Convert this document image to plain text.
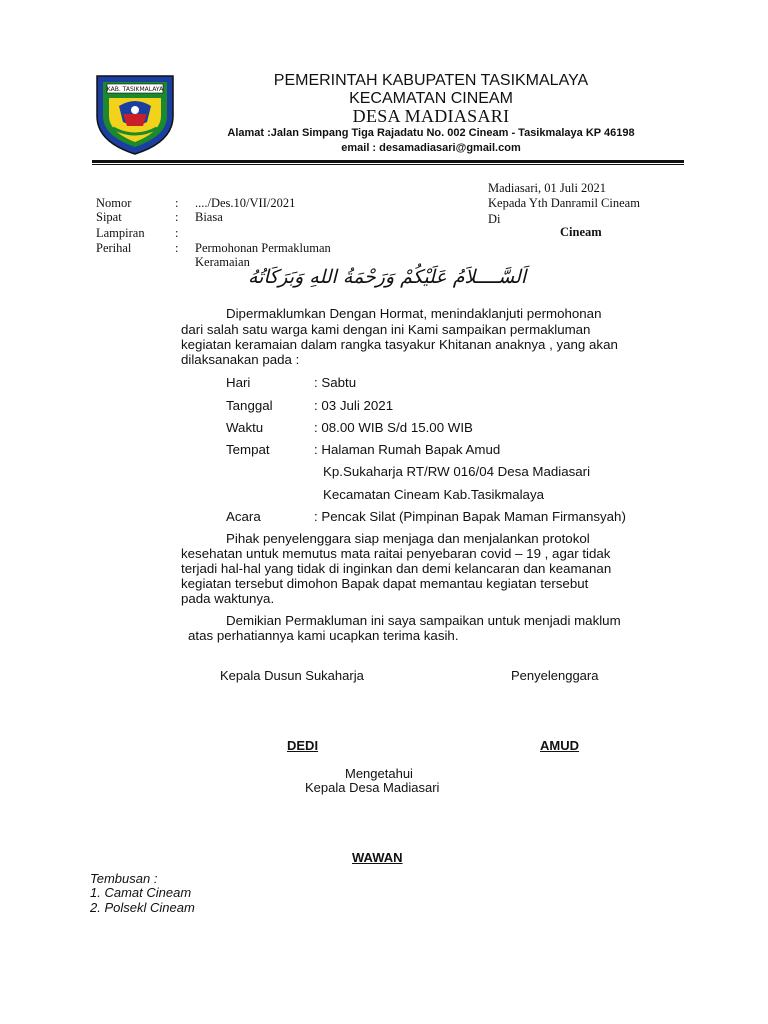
KAB. TASIKMALAYA
PEMERINTAH KABUPATEN TASIKMALAYA
KECAMATAN CINEAM
DESA MADIASARI
Alamat :Jalan Simpang Tiga Rajadatu No. 002 Cineam - Tasikmalaya KP 46198
email : desamadiasari@gmail.com
Madiasari, 01 Juli 2021
Kepada Yth Danramil Cineam
Di
Cineam
Nomor	: ..../Des.10/VII/2021
Sipat	: Biasa
Lampiran :
Perihal	: Permohonan Permakluman
Keramaian
اَلسَّــــلاَمُ عَلَيْكُمْ وَرَحْمَةُ اللهِ وَبَرَكَاتُهُ
Dipermaklumkan Dengan Hormat, menindaklanjuti permohonan
dari salah satu warga kami dengan ini Kami sampaikan permakluman
kegiatan keramaian dalam rangka tasyakur Khitanan anaknya , yang akan
dilaksanakan pada :
Hari	: Sabtu
Tanggal	: 03 Juli 2021
Waktu	: 08.00 WIB S/d 15.00 WIB
Tempat	: Halaman Rumah Bapak Amud
Kp.Sukaharja RT/RW 016/04 Desa Madiasari
Kecamatan Cineam Kab.Tasikmalaya
Acara	: Pencak Silat (Pimpinan Bapak Maman Firmansyah)
Pihak penyelenggara siap menjaga dan menjalankan protokol
kesehatan untuk memutus mata raitai penyebaran covid – 19 , agar tidak
terjadi hal-hal yang tidak di inginkan dan demi kelancaran dan keamanan
kegiatan tersebut dimohon Bapak dapat memantau kegiatan tersebut
pada waktunya.
Demikian Permakluman ini saya sampaikan untuk menjadi maklum
atas perhatiannya kami ucapkan terima kasih.
Kepala Dusun Sukaharja	Penyelenggara
DEDI	AMUD
Mengetahui
Kepala Desa Madiasari
WAWAN
Tembusan :
1. Camat Cineam
2. Polsekl Cineam
